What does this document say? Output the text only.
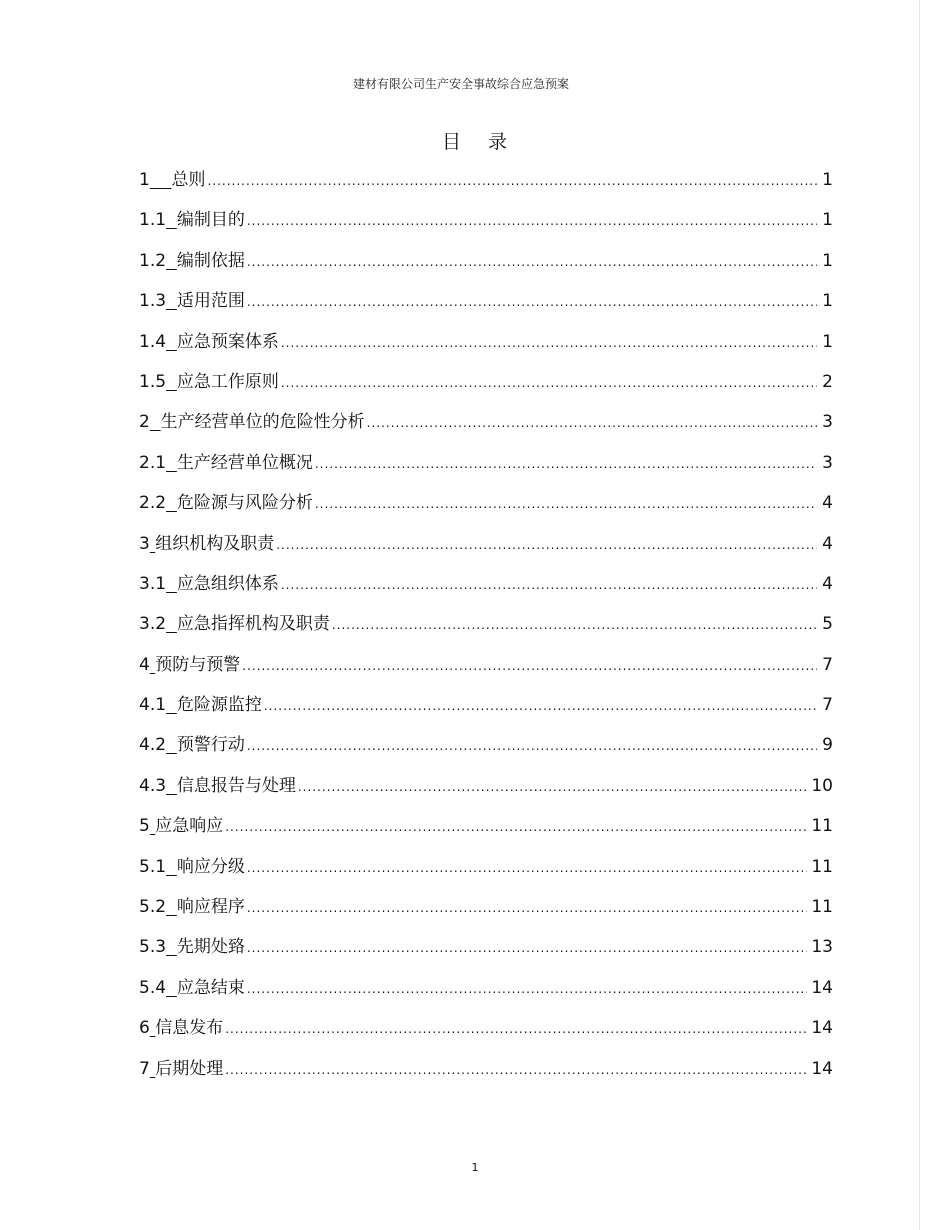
建材有限公司生产安全事故综合应急预案
目 录
1 总则 .....	1
1.1 编制目的 .....	1
1.2 编制依据 .....	1
1.3 适用范围 .....	1
1.4 应急预案体系 .....	1
1.5 应急工作原则 .....	2
2 生产经营单位的危险性分析 .....	3
2.1 生产经营单位概况 .....	3
2.2 危险源与风险分析 .....	4
3 组织机构及职责 .....	4
3.1 应急组织体系 .....	4
3.2 应急指挥机构及职责 .....	5
4 预防与预警 .....	7
4.1 危险源监控 .....	7
4.2 预警行动 .....	9
4.3 信息报告与处理 .....	10
5 应急响应 .....	11
5.1 响应分级 .....	11
5.2 响应程序 .....	11
5.3 先期处臵 .....	13
5.4 应急结束 .....	14
6 信息发布 .....	14
7 后期处理 .....	14
1
